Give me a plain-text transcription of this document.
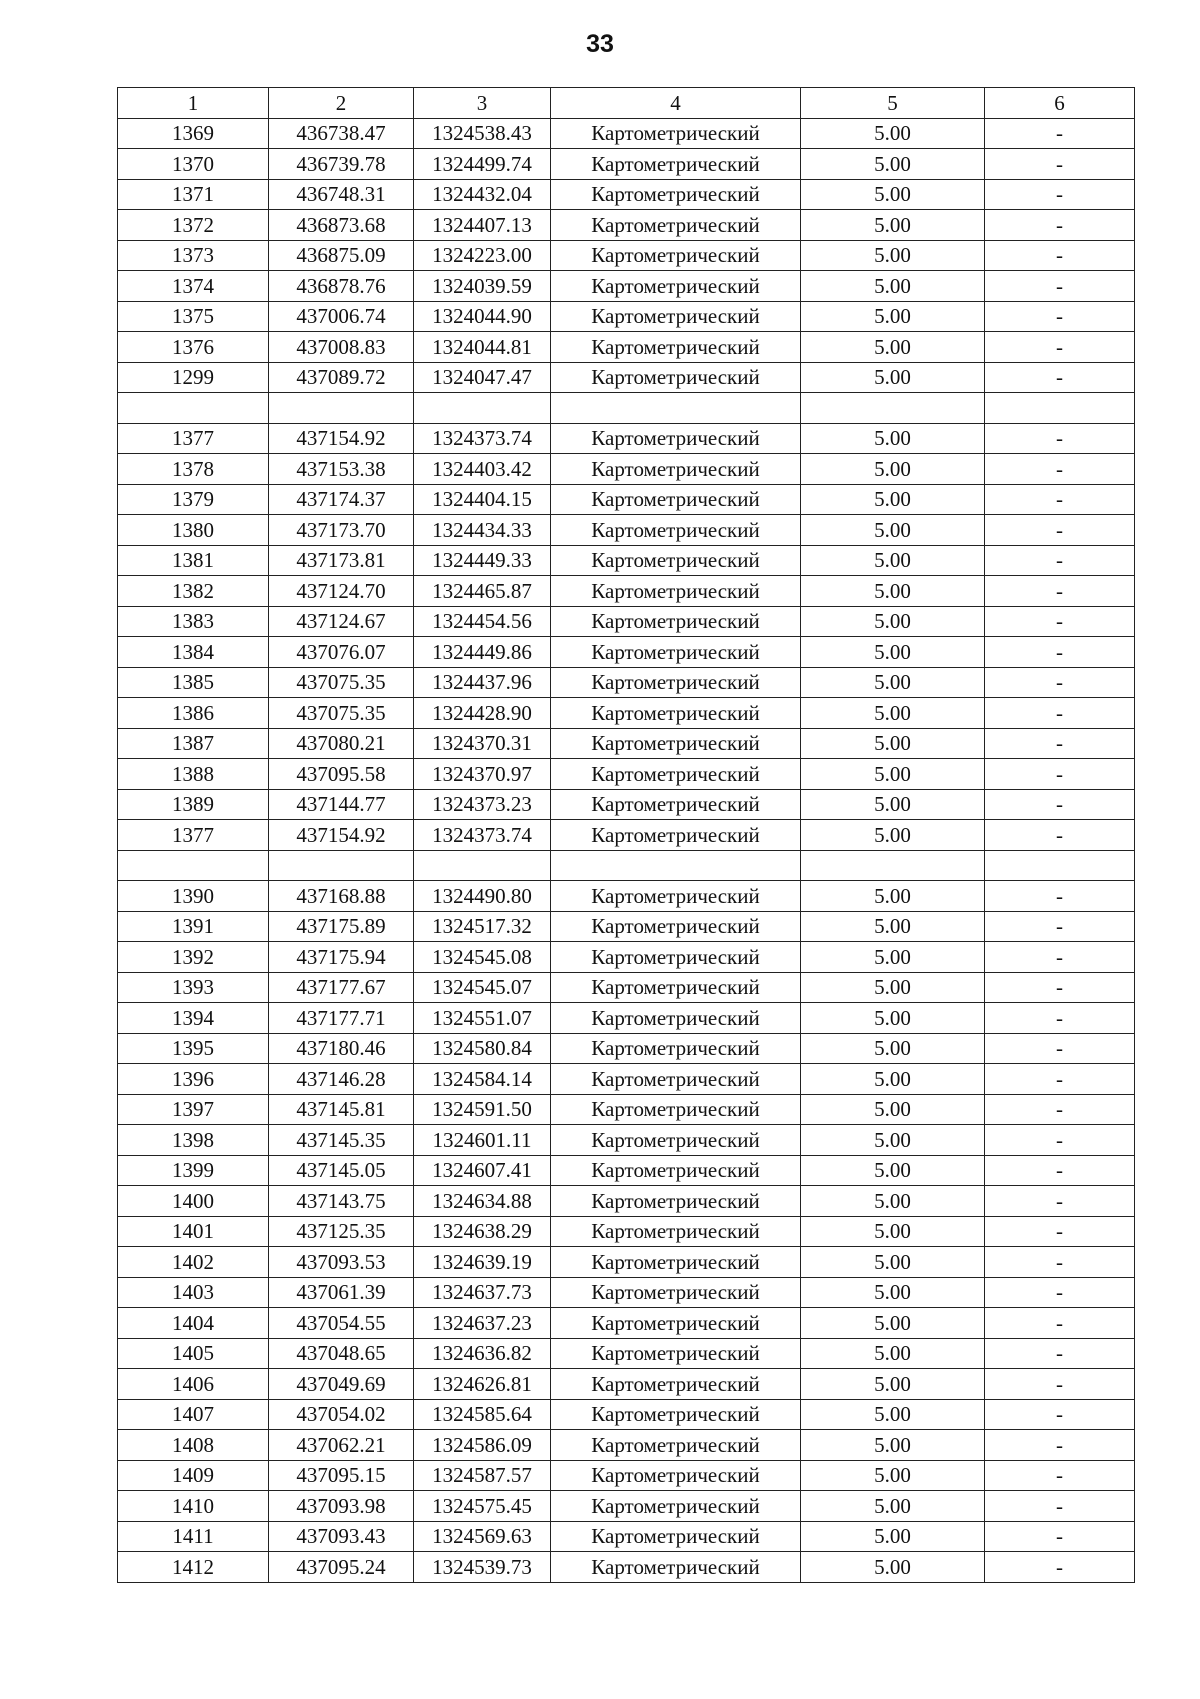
33
1	2	3	4	5	6
1369	436738.47	1324538.43	Картометрический	5.00	-
1370	436739.78	1324499.74	Картометрический	5.00	-
1371	436748.31	1324432.04	Картометрический	5.00	-
1372	436873.68	1324407.13	Картометрический	5.00	-
1373	436875.09	1324223.00	Картометрический	5.00	-
1374	436878.76	1324039.59	Картометрический	5.00	-
1375	437006.74	1324044.90	Картометрический	5.00	-
1376	437008.83	1324044.81	Картометрический	5.00	-
1299	437089.72	1324047.47	Картометрический	5.00	-

1377	437154.92	1324373.74	Картометрический	5.00	-
1378	437153.38	1324403.42	Картометрический	5.00	-
1379	437174.37	1324404.15	Картометрический	5.00	-
1380	437173.70	1324434.33	Картометрический	5.00	-
1381	437173.81	1324449.33	Картометрический	5.00	-
1382	437124.70	1324465.87	Картометрический	5.00	-
1383	437124.67	1324454.56	Картометрический	5.00	-
1384	437076.07	1324449.86	Картометрический	5.00	-
1385	437075.35	1324437.96	Картометрический	5.00	-
1386	437075.35	1324428.90	Картометрический	5.00	-
1387	437080.21	1324370.31	Картометрический	5.00	-
1388	437095.58	1324370.97	Картометрический	5.00	-
1389	437144.77	1324373.23	Картометрический	5.00	-
1377	437154.92	1324373.74	Картометрический	5.00	-

1390	437168.88	1324490.80	Картометрический	5.00	-
1391	437175.89	1324517.32	Картометрический	5.00	-
1392	437175.94	1324545.08	Картометрический	5.00	-
1393	437177.67	1324545.07	Картометрический	5.00	-
1394	437177.71	1324551.07	Картометрический	5.00	-
1395	437180.46	1324580.84	Картометрический	5.00	-
1396	437146.28	1324584.14	Картометрический	5.00	-
1397	437145.81	1324591.50	Картометрический	5.00	-
1398	437145.35	1324601.11	Картометрический	5.00	-
1399	437145.05	1324607.41	Картометрический	5.00	-
1400	437143.75	1324634.88	Картометрический	5.00	-
1401	437125.35	1324638.29	Картометрический	5.00	-
1402	437093.53	1324639.19	Картометрический	5.00	-
1403	437061.39	1324637.73	Картометрический	5.00	-
1404	437054.55	1324637.23	Картометрический	5.00	-
1405	437048.65	1324636.82	Картометрический	5.00	-
1406	437049.69	1324626.81	Картометрический	5.00	-
1407	437054.02	1324585.64	Картометрический	5.00	-
1408	437062.21	1324586.09	Картометрический	5.00	-
1409	437095.15	1324587.57	Картометрический	5.00	-
1410	437093.98	1324575.45	Картометрический	5.00	-
1411	437093.43	1324569.63	Картометрический	5.00	-
1412	437095.24	1324539.73	Картометрический	5.00	-
